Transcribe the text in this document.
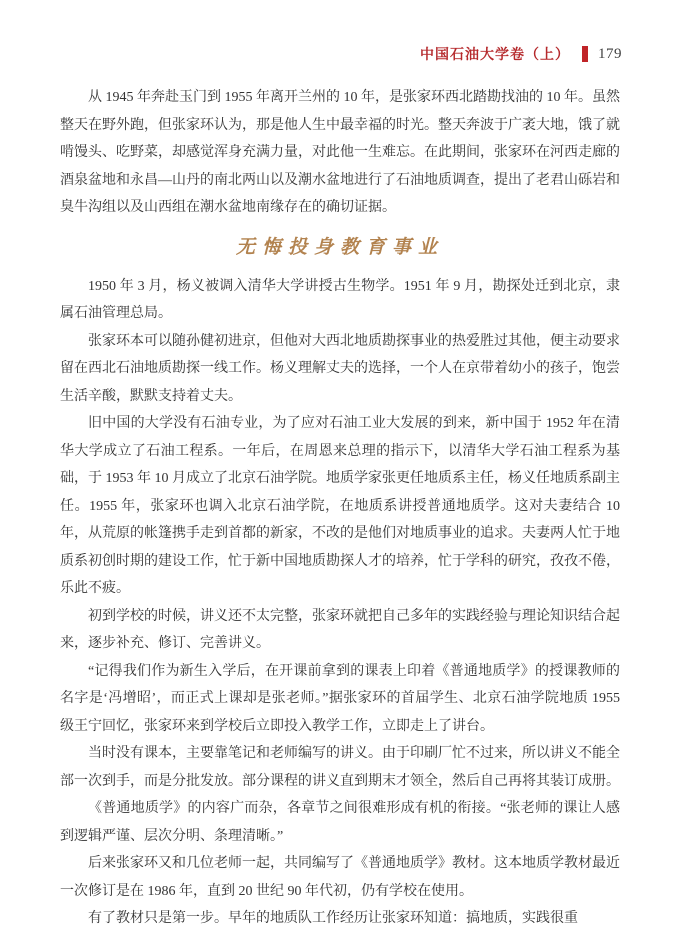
中国石油大学卷（上） 179

从 1945 年奔赴玉门到 1955 年离开兰州的 10 年，是张家环西北踏勘找油的 10 年。虽然整天在野外跑，但张家环认为，那是他人生中最幸福的时光。整天奔波于广袤大地，饿了就啃馒头、吃野菜，却感觉浑身充满力量，对此他一生难忘。在此期间，张家环在河西走廊的酒泉盆地和永昌—山丹的南北两山以及潮水盆地进行了石油地质调查，提出了老君山砾岩和臭牛沟组以及山西组在潮水盆地南缘存在的确切证据。

无悔投身教育事业

1950 年 3 月，杨义被调入清华大学讲授古生物学。1951 年 9 月，勘探处迁到北京，隶属石油管理总局。

张家环本可以随孙健初进京，但他对大西北地质勘探事业的热爱胜过其他，便主动要求留在西北石油地质勘探一线工作。杨义理解丈夫的选择，一个人在京带着幼小的孩子，饱尝生活辛酸，默默支持着丈夫。

旧中国的大学没有石油专业，为了应对石油工业大发展的到来，新中国于 1952 年在清华大学成立了石油工程系。一年后，在周恩来总理的指示下，以清华大学石油工程系为基础，于 1953 年 10 月成立了北京石油学院。地质学家张更任地质系主任，杨义任地质系副主任。1955 年，张家环也调入北京石油学院，在地质系讲授普通地质学。这对夫妻结合 10 年，从荒原的帐篷携手走到首都的新家，不改的是他们对地质事业的追求。夫妻两人忙于地质系初创时期的建设工作，忙于新中国地质勘探人才的培养，忙于学科的研究，孜孜不倦，乐此不疲。

初到学校的时候，讲义还不太完整，张家环就把自己多年的实践经验与理论知识结合起来，逐步补充、修订、完善讲义。

“记得我们作为新生入学后，在开课前拿到的课表上印着《普通地质学》的授课教师的名字是‘冯增昭’，而正式上课却是张老师。”据张家环的首届学生、北京石油学院地质 1955 级王宁回忆，张家环来到学校后立即投入教学工作，立即走上了讲台。

当时没有课本，主要靠笔记和老师编写的讲义。由于印刷厂忙不过来，所以讲义不能全部一次到手，而是分批发放。部分课程的讲义直到期末才领全，然后自己再将其装订成册。

《普通地质学》的内容广而杂，各章节之间很难形成有机的衔接。“张老师的课让人感到逻辑严谨、层次分明、条理清晰。”

后来张家环又和几位老师一起，共同编写了《普通地质学》教材。这本地质学教材最近一次修订是在 1986 年，直到 20 世纪 90 年代初，仍有学校在使用。

有了教材只是第一步。早年的地质队工作经历让张家环知道：搞地质，实践很重
